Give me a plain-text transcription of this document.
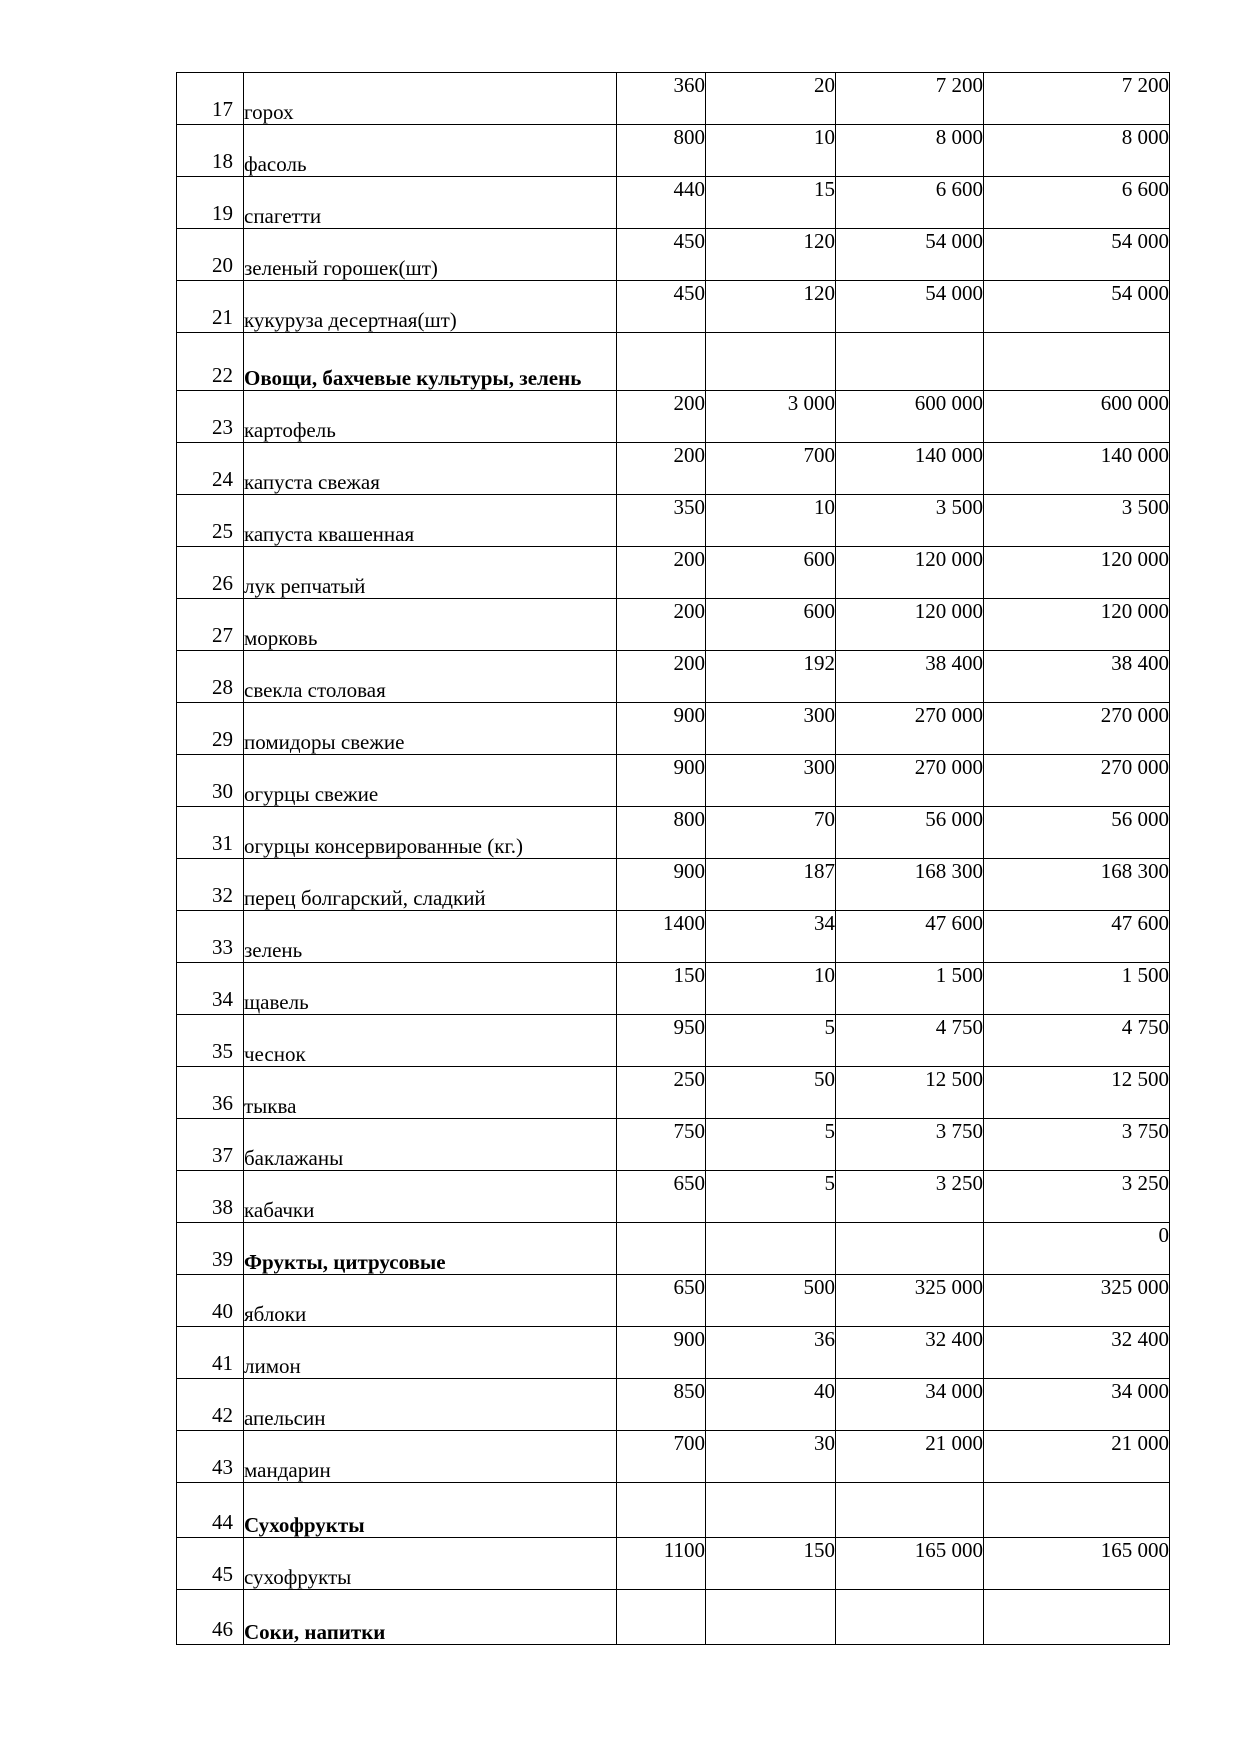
17	горох	360	20	7 200	7 200

18	фасоль	800	10	8 000	8 000

19	спагетти	440	15	6 600	6 600

20	зеленый горошек(шт)	450	120	54 000	54 000

21	кукуруза десертная(шт)	450	120	54 000	54 000

22	Овощи, бахчевые культуры, зелень				

23	картофель	200	3 000	600 000	600 000

24	капуста свежая	200	700	140 000	140 000

25	капуста квашенная	350	10	3 500	3 500

26	лук репчатый	200	600	120 000	120 000

27	морковь	200	600	120 000	120 000

28	свекла столовая	200	192	38 400	38 400

29	помидоры свежие	900	300	270 000	270 000

30	огурцы свежие	900	300	270 000	270 000

31	огурцы консервированные (кг.)	800	70	56 000	56 000

32	перец болгарский, сладкий	900	187	168 300	168 300

33	зелень	1400	34	47 600	47 600

34	щавель	150	10	1 500	1 500

35	чеснок	950	5	4 750	4 750

36	тыква	250	50	12 500	12 500

37	баклажаны	750	5	3 750	3 750

38	кабачки	650	5	3 250	3 250

39	Фрукты, цитрусовые				0

40	яблоки	650	500	325 000	325 000

41	лимон	900	36	32 400	32 400

42	апельсин	850	40	34 000	34 000

43	мандарин	700	30	21 000	21 000

44	Сухофрукты				

45	сухофрукты	1100	150	165 000	165 000

46	Соки, напитки				
